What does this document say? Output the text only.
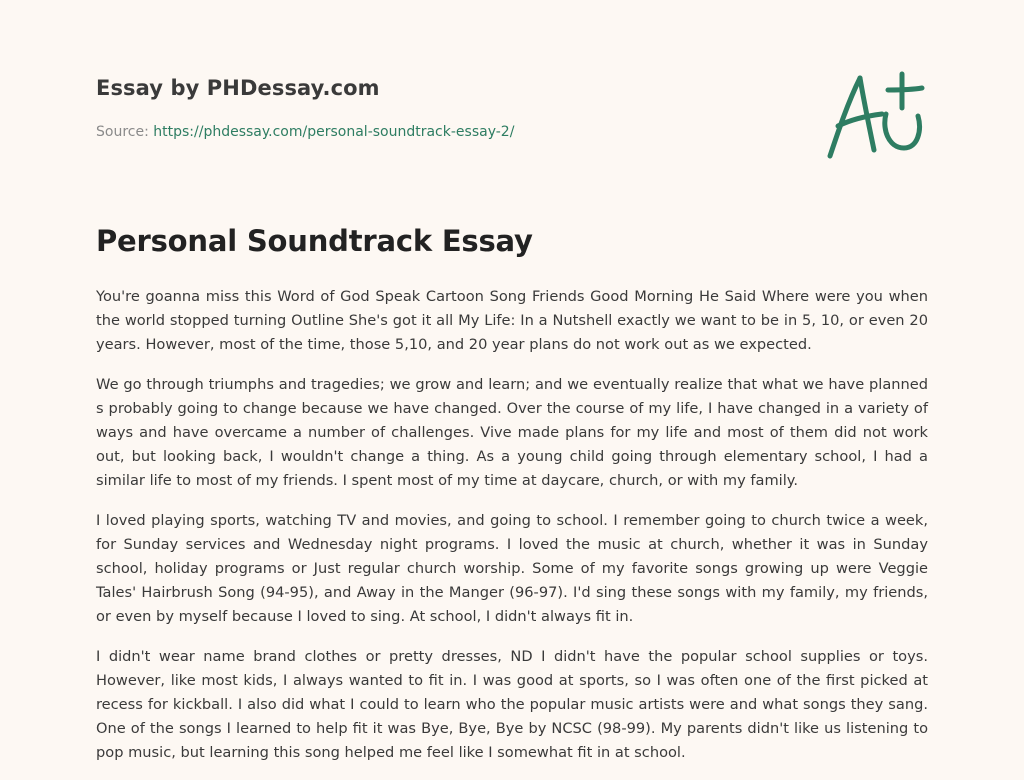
Essay by PHDessay.com
Source: https://phdessay.com/personal-soundtrack-essay-2/
Personal Soundtrack Essay

You're goanna miss this Word of God Speak Cartoon Song Friends Good Morning He Said Where were you when the world stopped turning Outline She's got it all My Life: In a Nutshell exactly we want to be in 5, 10, or even 20 years. However, most of the time, those 5,10, and 20 year plans do not work out as we expected.

We go through triumphs and tragedies; we grow and learn; and we eventually realize that what we have planned s probably going to change because we have changed. Over the course of my life, I have changed in a variety of ways and have overcame a number of challenges. Vive made plans for my life and most of them did not work out, but looking back, I wouldn't change a thing. As a young child going through elementary school, I had a similar life to most of my friends. I spent most of my time at daycare, church, or with my family.

I loved playing sports, watching TV and movies, and going to school. I remember going to church twice a week, for Sunday services and Wednesday night programs. I loved the music at church, whether it was in Sunday school, holiday programs or Just regular church worship. Some of my favorite songs growing up were Veggie Tales' Hairbrush Song (94-95), and Away in the Manger (96-97). I'd sing these songs with my family, my friends, or even by myself because I loved to sing. At school, I didn't always fit in.

I didn't wear name brand clothes or pretty dresses, ND I didn't have the popular school supplies or toys. However, like most kids, I always wanted to fit in. I was good at sports, so I was often one of the first picked at recess for kickball. I also did what I could to learn who the popular music artists were and what songs they sang. One of the songs I learned to help fit it was Bye, Bye, Bye by NCSC (98-99). My parents didn't like us listening to pop music, but learning this song helped me feel like I somewhat fit in at school.
